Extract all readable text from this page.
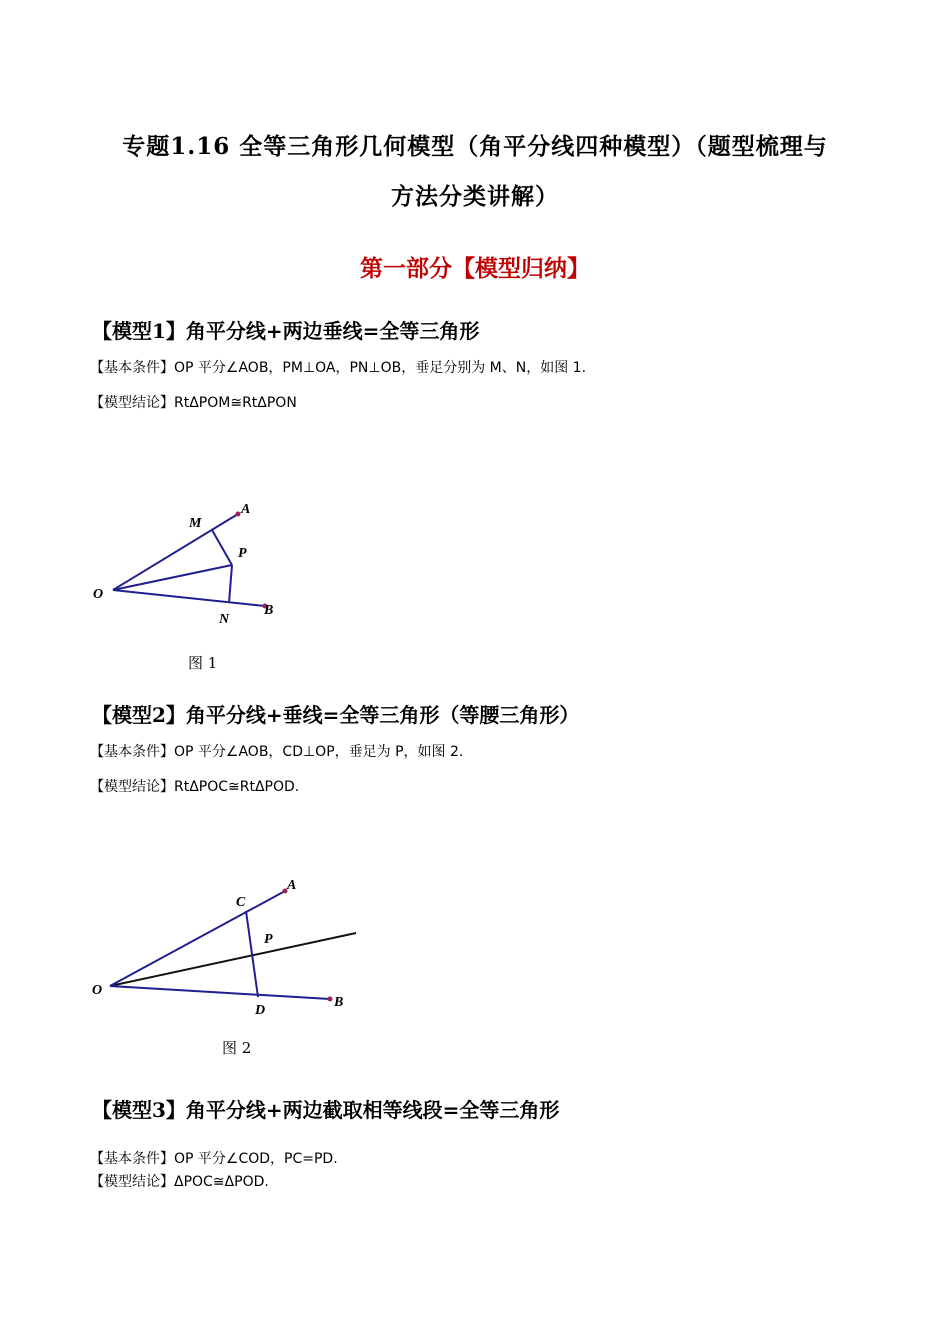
专题1.16 全等三角形几何模型（角平分线四种模型）（题型梳理与
方法分类讲解）
第一部分【模型归纳】
【模型1】角平分线+两边垂线=全等三角形
【基本条件】OP 平分∠AOB，PM⊥OA，PN⊥OB，垂足分别为 M、N，如图 1.
【模型结论】RtΔPOM≅RtΔPON
M
A
P
O
N
B
图 1
【模型2】角平分线+垂线=全等三角形（等腰三角形）
【基本条件】OP 平分∠AOB，CD⊥OP，垂足为 P，如图 2.
【模型结论】RtΔPOC≅RtΔPOD.
C
A
P
O
D
B
图 2
【模型3】角平分线+两边截取相等线段=全等三角形
【基本条件】OP 平分∠COD，PC=PD.
【模型结论】ΔPOC≅ΔPOD.
